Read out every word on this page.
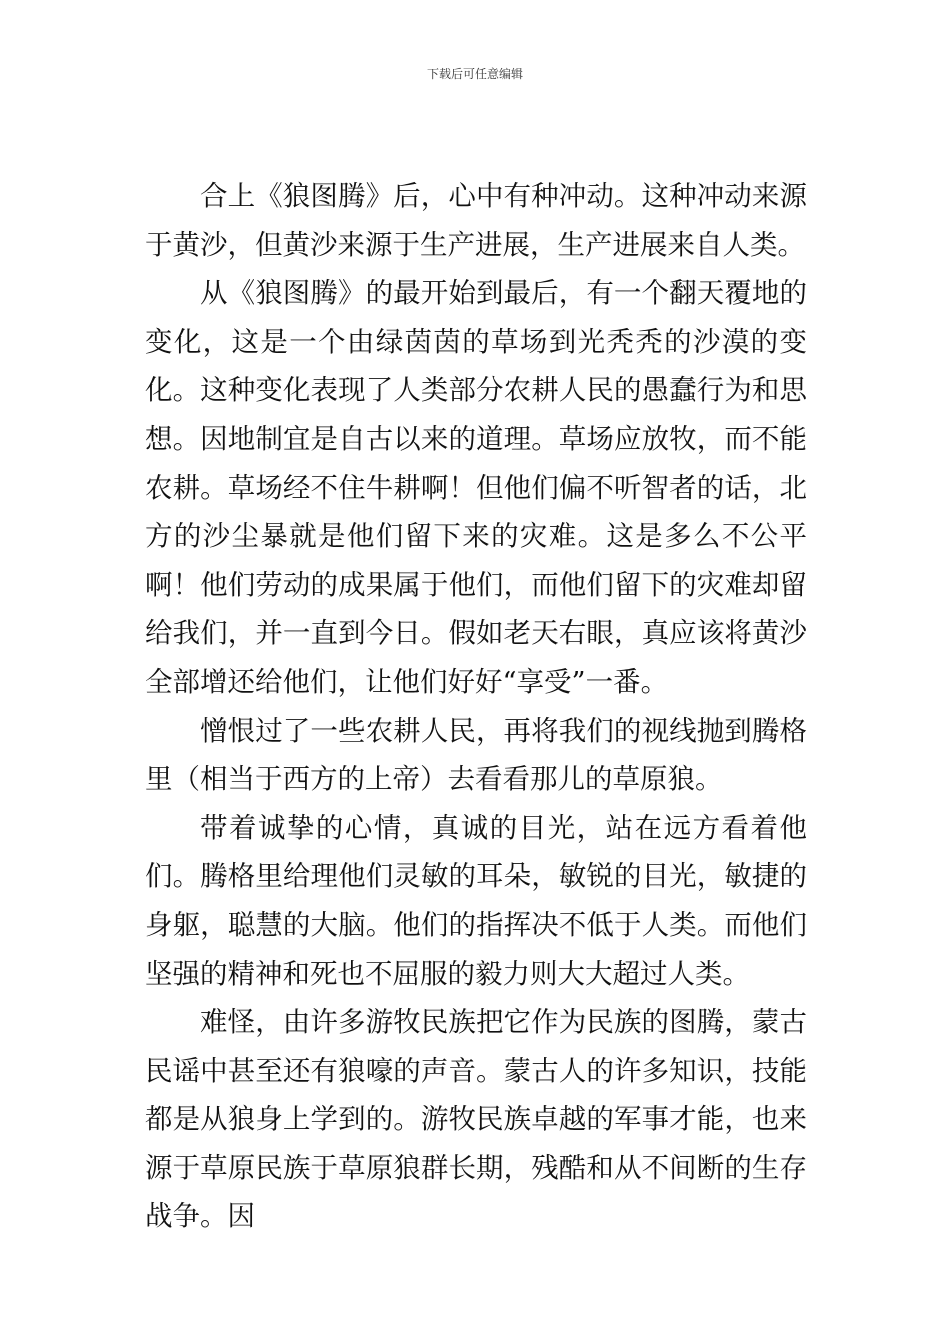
下载后可任意编辑

合上《狼图腾》后，心中有种冲动。这种冲动来源于黄沙，但黄沙来源于生产进展，生产进展来自人类。

从《狼图腾》的最开始到最后，有一个翻天覆地的变化，这是一个由绿茵茵的草场到光秃秃的沙漠的变化。这种变化表现了人类部分农耕人民的愚蠢行为和思想。因地制宜是自古以来的道理。草场应放牧，而不能农耕。草场经不住牛耕啊！但他们偏不听智者的话，北方的沙尘暴就是他们留下来的灾难。这是多么不公平啊！他们劳动的成果属于他们，而他们留下的灾难却留给我们，并一直到今日。假如老天右眼，真应该将黄沙全部增还给他们，让他们好好“享受”一番。

憎恨过了一些农耕人民，再将我们的视线抛到腾格里（相当于西方的上帝）去看看那儿的草原狼。

带着诚挚的心情，真诚的目光，站在远方看着他们。腾格里给理他们灵敏的耳朵，敏锐的目光，敏捷的身躯，聪慧的大脑。他们的指挥决不低于人类。而他们坚强的精神和死也不屈服的毅力则大大超过人类。

难怪，由许多游牧民族把它作为民族的图腾，蒙古民谣中甚至还有狼嚎的声音。蒙古人的许多知识，技能都是从狼身上学到的。游牧民族卓越的军事才能，也来源于草原民族于草原狼群长期，残酷和从不间断的生存战争。因
